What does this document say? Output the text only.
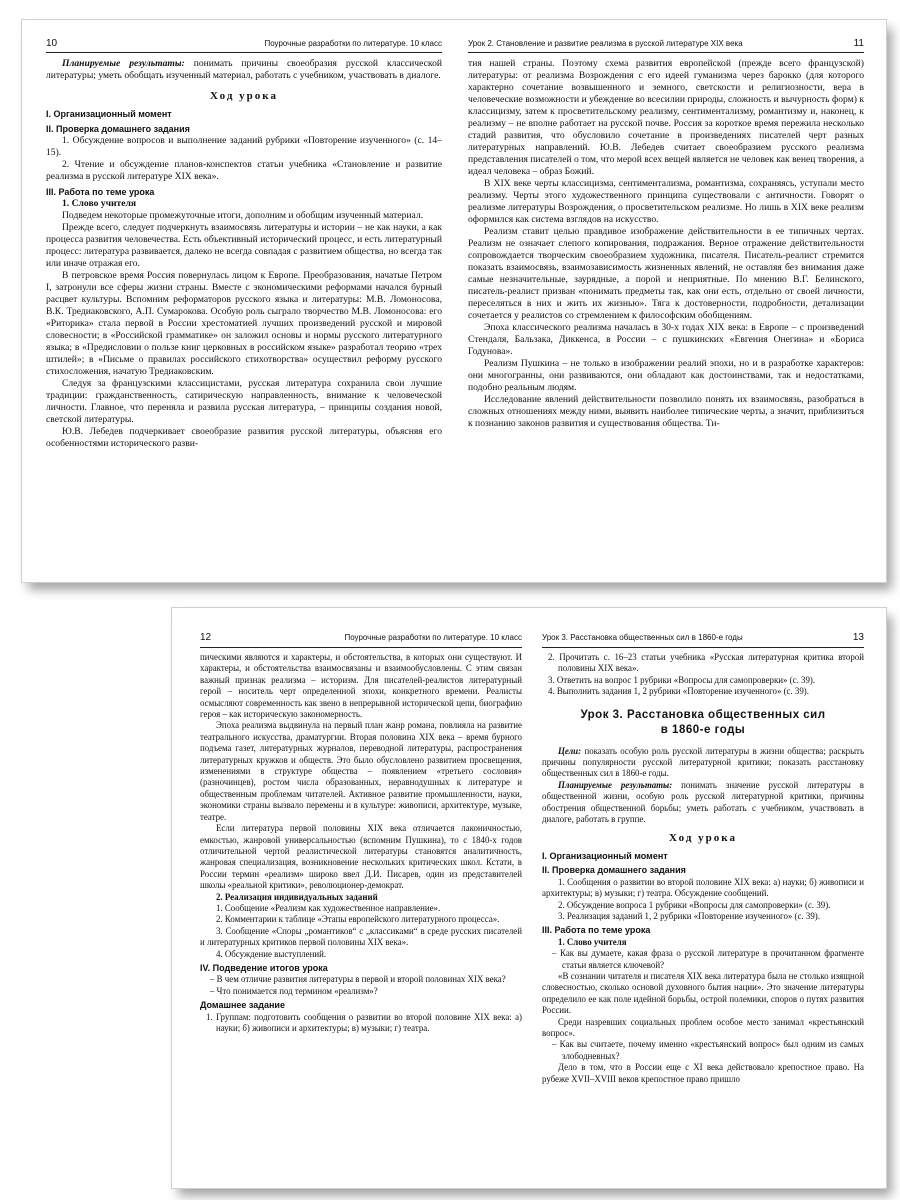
10	Поурочные разработки по литературе. 10 класс

Планируемые результаты: понимать причины своеобразия русской классической литературы; уметь обобщать изученный материал, работать с учебником, участвовать в диалоге.

Ход урока

I. Организационный момент

II. Проверка домашнего задания

1. Обсуждение вопросов и выполнение заданий рубрики «Повторение изученного» (с. 14–15).

2. Чтение и обсуждение планов-конспектов статьи учебника «Становление и развитие реализма в русской литературе XIX века».

III. Работа по теме урока

1. Слово учителя

Подведем некоторые промежуточные итоги, дополним и обобщим изученный материал.

Прежде всего, следует подчеркнуть взаимосвязь литературы и истории – не как науки, а как процесса развития человечества. Есть объективный исторический процесс, и есть литературный процесс: литература развивается, далеко не всегда совпадая с развитием общества, но всегда так или иначе отражая его.

В петровское время Россия повернулась лицом к Европе. Преобразования, начатые Петром I, затронули все сферы жизни страны. Вместе с экономическими реформами начался бурный расцвет культуры. Вспомним реформаторов русского языка и литературы: М.В. Ломоносова, В.К. Тредиаковского, А.П. Сумарокова. Особую роль сыграло творчество М.В. Ломоносова: его «Риторика» стала первой в России хрестоматией лучших произведений русской и мировой словесности; в «Российской грамматике» он заложил основы и нормы русского литературного языка; в «Предисловии о пользе книг церковных в российском языке» разработал теорию «трех штилей»; в «Письме о правилах российского стихотворства» осуществил реформу русского стихосложения, начатую Тредиаковским.

Следуя за французскими классицистами, русская литература сохранила свои лучшие традиции: гражданственность, сатирическую направленность, внимание к человеческой личности. Главное, что переняла и развила русская литература, – принципы создания новой, светской литературы.

Ю.В. Лебедев подчеркивает своеобразие развития русской литературы, объясняя его особенностями исторического разви-

Урок 2. Становление и развитие реализма в русской литературе XIX века	11

тия нашей страны. Поэтому схема развития европейской (прежде всего французской) литературы: от реализма Возрождения с его идеей гуманизма через барокко (для которого характерно сочетание возвышенного и земного, светскости и религиозности, вера в человеческие возможности и убеждение во всесилии природы, сложность и вычурность форм) к классицизму, затем к просветительскому реализму, сентиментализму, романтизму и, наконец, к реализму – не вполне работает на русской почве. Россия за короткое время пережила несколько стадий развития, что обусловило сочетание в произведениях писателей черт разных литературных направлений. Ю.В. Лебедев считает своеобразием русского реализма представления писателей о том, что мерой всех вещей является не человек как венец творения, а идеал человека – образ Божий.

В XIX веке черты классицизма, сентиментализма, романтизма, сохраняясь, уступали место реализму. Черты этого художественного принципа существовали с античности. Говорят о реализме литературы Возрождения, о просветительском реализме. Но лишь в XIX веке реализм оформился как система взглядов на искусство.

Реализм ставит целью правдивое изображение действительности в ее типичных чертах. Реализм не означает слепого копирования, подражания. Верное отражение действительности сопровождается творческим своеобразием художника, писателя. Писатель-реалист стремится показать взаимосвязь, взаимозависимость жизненных явлений, не оставляя без внимания даже самые незначительные, заурядные, а порой и неприятные. По мнению В.Г. Белинского, писатель-реалист призван «понимать предметы так, как они есть, отдельно от своей личности, переселяться в них и жить их жизнью». Тяга к достоверности, подробности, детализации сочетается у реалистов со стремлением к философским обобщениям.

Эпоха классического реализма началась в 30-х годах XIX века: в Европе – с произведений Стендаля, Бальзака, Диккенса, в России – с пушкинских «Евгения Онегина» и «Бориса Годунова».

Реализм Пушкина – не только в изображении реалий эпохи, но и в разработке характеров: они многогранны, они развиваются, они обладают как достоинствами, так и недостатками, подобно реальным людям.

Исследование явлений действительности позволило понять их взаимосвязь, разобраться в сложных отношениях между ними, выявить наиболее типические черты, а значит, приблизиться к познанию законов развития и существования общества. Ти-

12	Поурочные разработки по литературе. 10 класс

пическими являются и характеры, и обстоятельства, в которых они существуют. И характеры, и обстоятельства взаимосвязаны и взаимообусловлены. С этим связан важный признак реализма – историзм. Для писателей-реалистов литературный герой – носитель черт определенной эпохи, конкретного времени. Реалисты осмысляют современность как звено в непрерывной исторической цепи, биографию героя – как историческую закономерность.

Эпоха реализма выдвинула на первый план жанр романа, повлияла на развитие театрального искусства, драматургии. Вторая половина XIX века – время бурного подъема газет, литературных журналов, переводной литературы, распространения литературных кружков и обществ. Это было обусловлено развитием просвещения, изменениями в структуре общества – появлением «третьего сословия» (разночинцев), ростом числа образованных, неравнодушных к литературе и общественным проблемам читателей. Активное развитие промышленности, науки, экономики страны вызвало перемены и в культуре: живописи, архитектуре, музыке, театре.

Если литература первой половины XIX века отличается лаконичностью, емкостью, жанровой универсальностью (вспомним Пушкина), то с 1840-х годов отличительной чертой реалистической литературы становятся аналитичность, жанровая специализация, возникновение нескольких критических школ. Кстати, в России термин «реализм» широко ввел Д.И. Писарев, один из представителей школы «реальной критики», революционер-демократ.

2. Реализация индивидуальных заданий

1. Сообщение «Реализм как художественное направление».

2. Комментарии к таблице «Этапы европейского литературного процесса».

3. Сообщение «Споры „романтиков“ с „классиками“ в среде русских писателей и литературных критиков первой половины XIX века».

4. Обсуждение выступлений.

IV. Подведение итогов урока

– В чем отличие развития литературы в первой и второй половинах XIX века?

– Что понимается под термином «реализм»?

Домашнее задание

1. Группам: подготовить сообщения о развитии во второй половине XIX века: а) науки; б) живописи и архитектуры; в) музыки; г) театра.

Урок 3. Расстановка общественных сил в 1860-е годы	13

2. Прочитать с. 16–23 статьи учебника «Русская литературная критика второй половины XIX века».

3. Ответить на вопрос 1 рубрики «Вопросы для самопроверки» (с. 39).

4. Выполнить задания 1, 2 рубрики «Повторение изученного» (с. 39).

Урок 3. Расстановка общественных сил
в 1860-е годы

Цели: показать особую роль русской литературы в жизни общества; раскрыть причины популярности русской литературной критики; показать расстановку общественных сил в 1860-е годы.

Планируемые результаты: понимать значение русской литературы в общественной жизни, особую роль русской литературной критики, причины обострения общественной борьбы; уметь работать с учебником, участвовать в диалоге, работать в группе.

Ход урока

I. Организационный момент

II. Проверка домашнего задания

1. Сообщения о развитии во второй половине XIX века: а) науки; б) живописи и архитектуры; в) музыки; г) театра. Обсуждение сообщений.

2. Обсуждение вопроса 1 рубрики «Вопросы для самопроверки» (с. 39).

3. Реализация заданий 1, 2 рубрики «Повторение изученного» (с. 39).

III. Работа по теме урока

1. Слово учителя

– Как вы думаете, какая фраза о русской литературе в прочитанном фрагменте статьи является ключевой?

«В сознании читателя и писателя XIX века литература была не столько изящной словесностью, сколько основой духовного бытия нации». Это значение литературы определило ее как поле идейной борьбы, острой полемики, споров о путях развития России.

Среди назревших социальных проблем особое место занимал «крестьянский вопрос».

– Как вы считаете, почему именно «крестьянский вопрос» был одним из самых злободневных?

Дело в том, что в России еще с XI века действовало крепостное право. На рубеже XVII–XVIII веков крепостное право пришло
